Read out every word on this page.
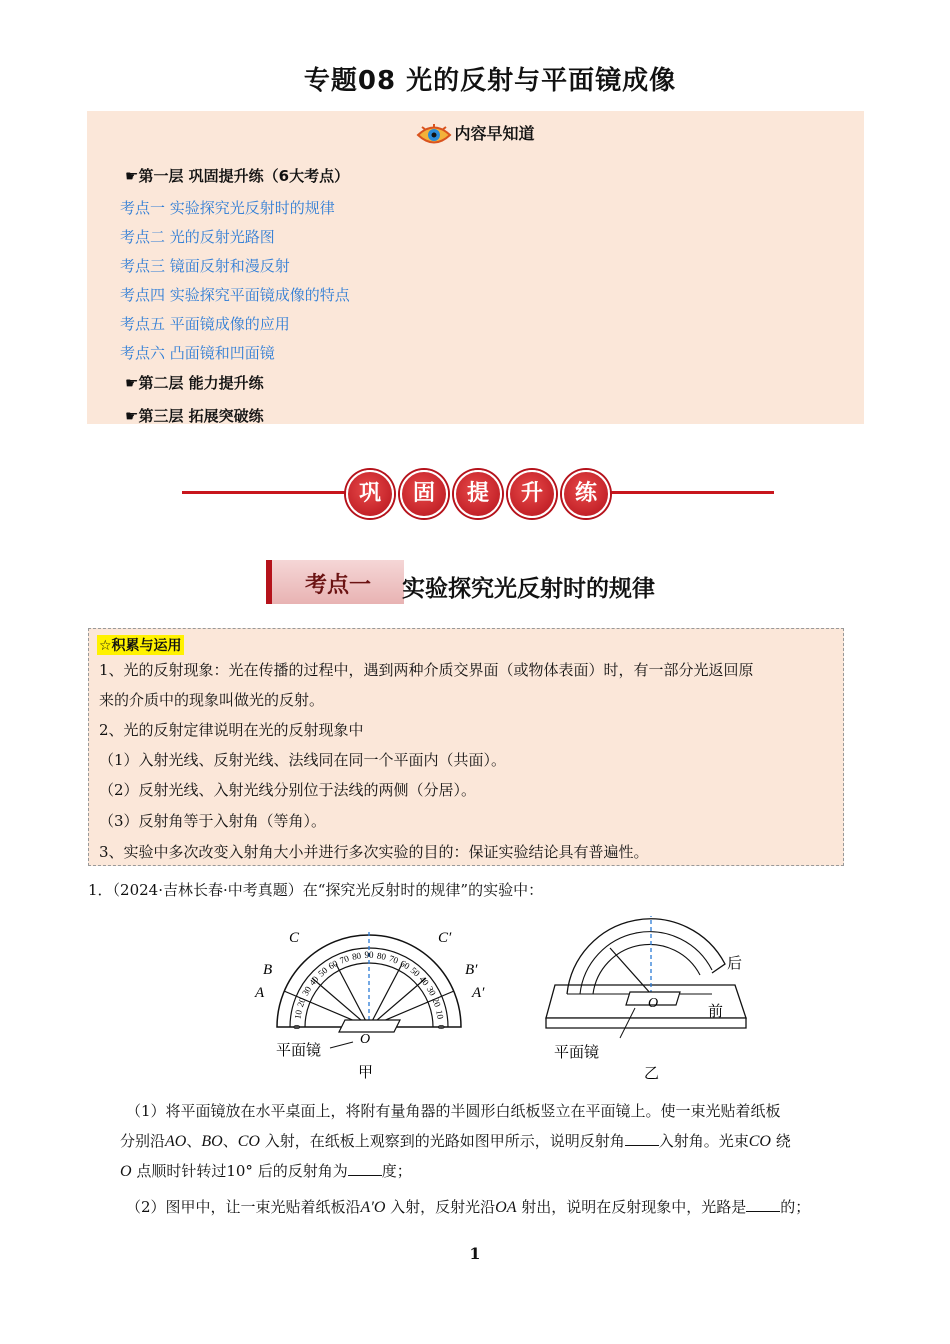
专题08 光的反射与平面镜成像
内容早知道
☛第一层 巩固提升练（6大考点）
考点一 实验探究光反射时的规律
考点二 光的反射光路图
考点三 镜面反射和漫反射
考点四 实验探究平面镜成像的特点
考点五 平面镜成像的应用
考点六 凸面镜和凹面镜
☛第二层 能力提升练
☛第三层 拓展突破练
巩	固	提	升	练
考点一	实验探究光反射时的规律
☆积累与运用
1、光的反射现象：光在传播的过程中，遇到两种介质交界面（或物体表面）时，有一部分光返回原
来的介质中的现象叫做光的反射。
2、光的反射定律说明在光的反射现象中
（1）入射光线、反射光线、法线同在同一个平面内（共面）。
（2）反射光线、入射光线分别位于法线的两侧（分居）。
（3）反射角等于入射角（等角）。
3、实验中多次改变入射角大小并进行多次实验的目的：保证实验结论具有普遍性。
1．（2024·吉林长春·中考真题）在“探究光反射时的规律”的实验中：
C
B
A
C′
B′
A′
O
平面镜
甲
0
10
20
30
40
50
60 70 80 90 80 70 60
50
40
30
20
10
0
O
后
前
平面镜
乙
（1）将平面镜放在水平桌面上，将附有量角器的半圆形白纸板竖立在平面镜上。使一束光贴着纸板
分别沿AO、BO、CO 入射，在纸板上观察到的光路如图甲所示，说明反射角 入射角。光束CO 绕
O 点顺时针转过10° 后的反射角为 度；
（2）图甲中，让一束光贴着纸板沿A′O 入射，反射光沿OA 射出，说明在反射现象中，光路是 的；
1
